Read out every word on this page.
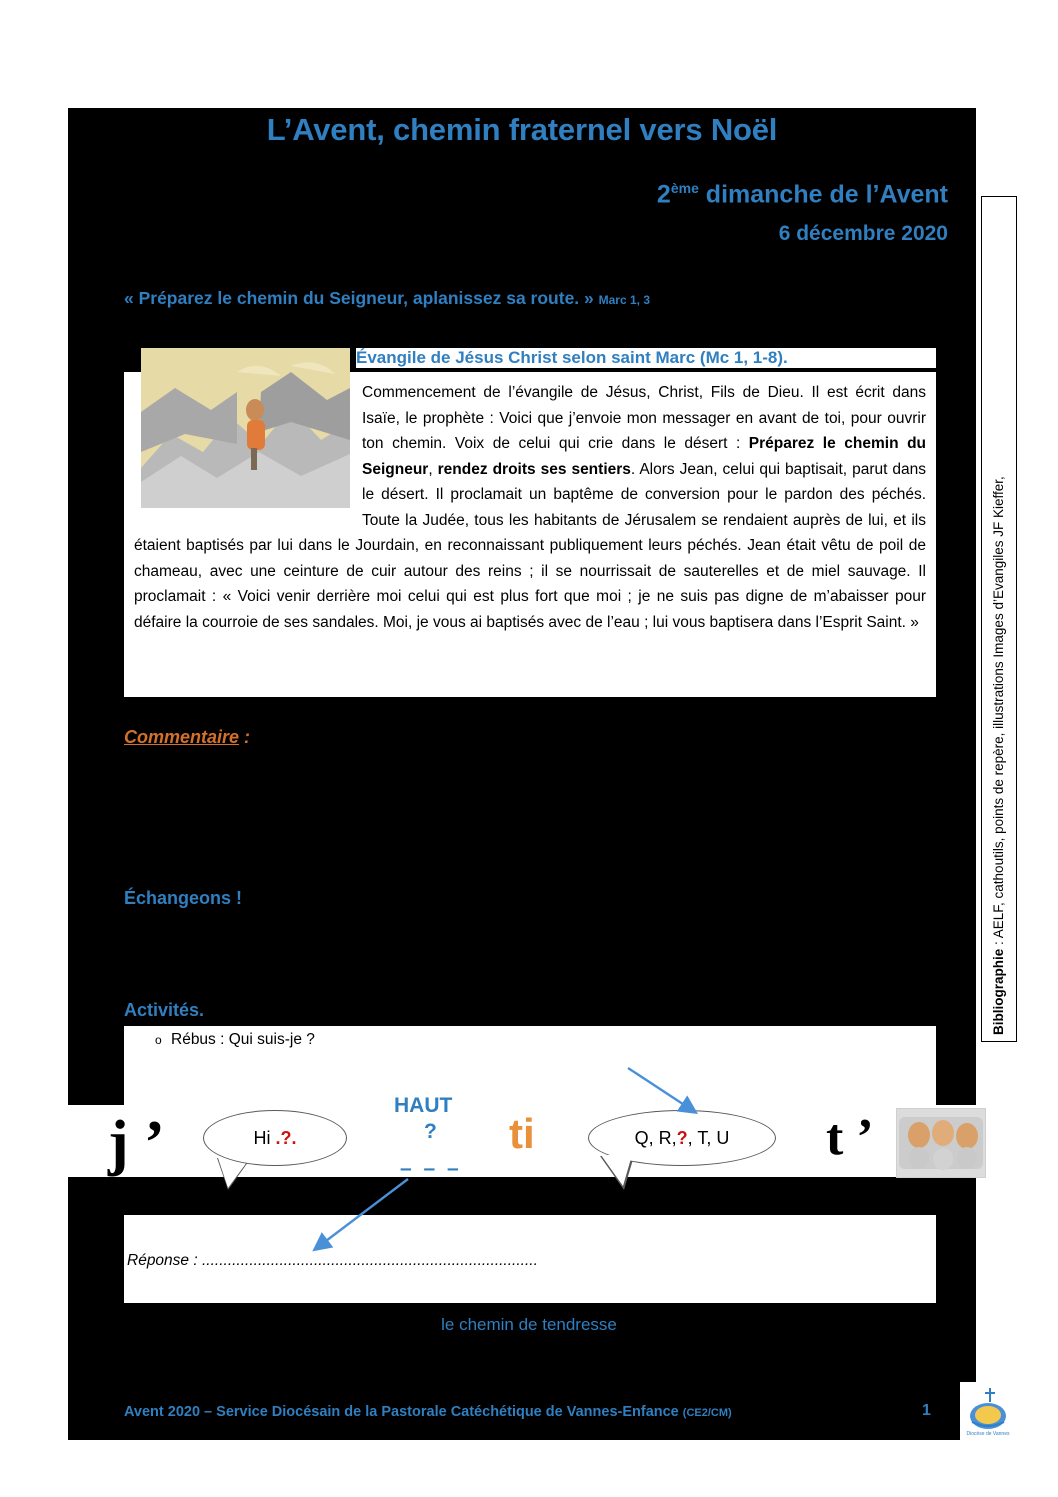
L’Avent, chemin fraternel vers Noël
2ème dimanche de l’Avent
6 décembre 2020
« Préparez le chemin du Seigneur, aplanissez sa route. » Marc 1, 3
Commencement de l’évangile de Jésus, Christ, Fils de Dieu. Il est écrit dans Isaïe, le prophète : Voici que j’envoie mon messager en avant de toi, pour ouvrir ton chemin. Voix de celui qui crie dans le désert : Préparez le chemin du Seigneur, rendez droits ses sentiers. Alors Jean, celui qui baptisait, parut dans le désert. Il proclamait un baptême de conversion pour le pardon des péchés. Toute la Judée, tous les habitants de Jérusalem se rendaient auprès de lui, et ils étaient baptisés par lui dans le Jourdain, en reconnaissant publiquement leurs péchés. Jean était vêtu de poil de chameau, avec une ceinture de cuir autour des reins ; il se nourrissait de sauterelles et de miel sauvage. Il proclamait : « Voici venir derrière moi celui qui est plus fort que moi ; je ne suis pas digne de m’abaisser pour défaire la courroie de ses sandales. Moi, je vous ai baptisés avec de l’eau ; lui vous baptisera dans l’Esprit Saint. »
Évangile de Jésus Christ selon saint Marc (Mc 1, 1-8).
Commentaire :
Échangeons !
Activités.
o Rébus : Qui suis-je ?
j ’	Hi
.?.
HAUT
?
– – –
ti	Q, R, ? , T, U t ’
Réponse : ..............................................................................
le chemin de tendresse
Bibliographie : AELF, cathoutils, points de repère, illustrations Images d’Evangiles JF Kieffer,
Avent 2020 – Service Diocésain de la Pastorale Catéchétique de Vannes-Enfance (CE2/CM)	1
Diocèse de Vannes
